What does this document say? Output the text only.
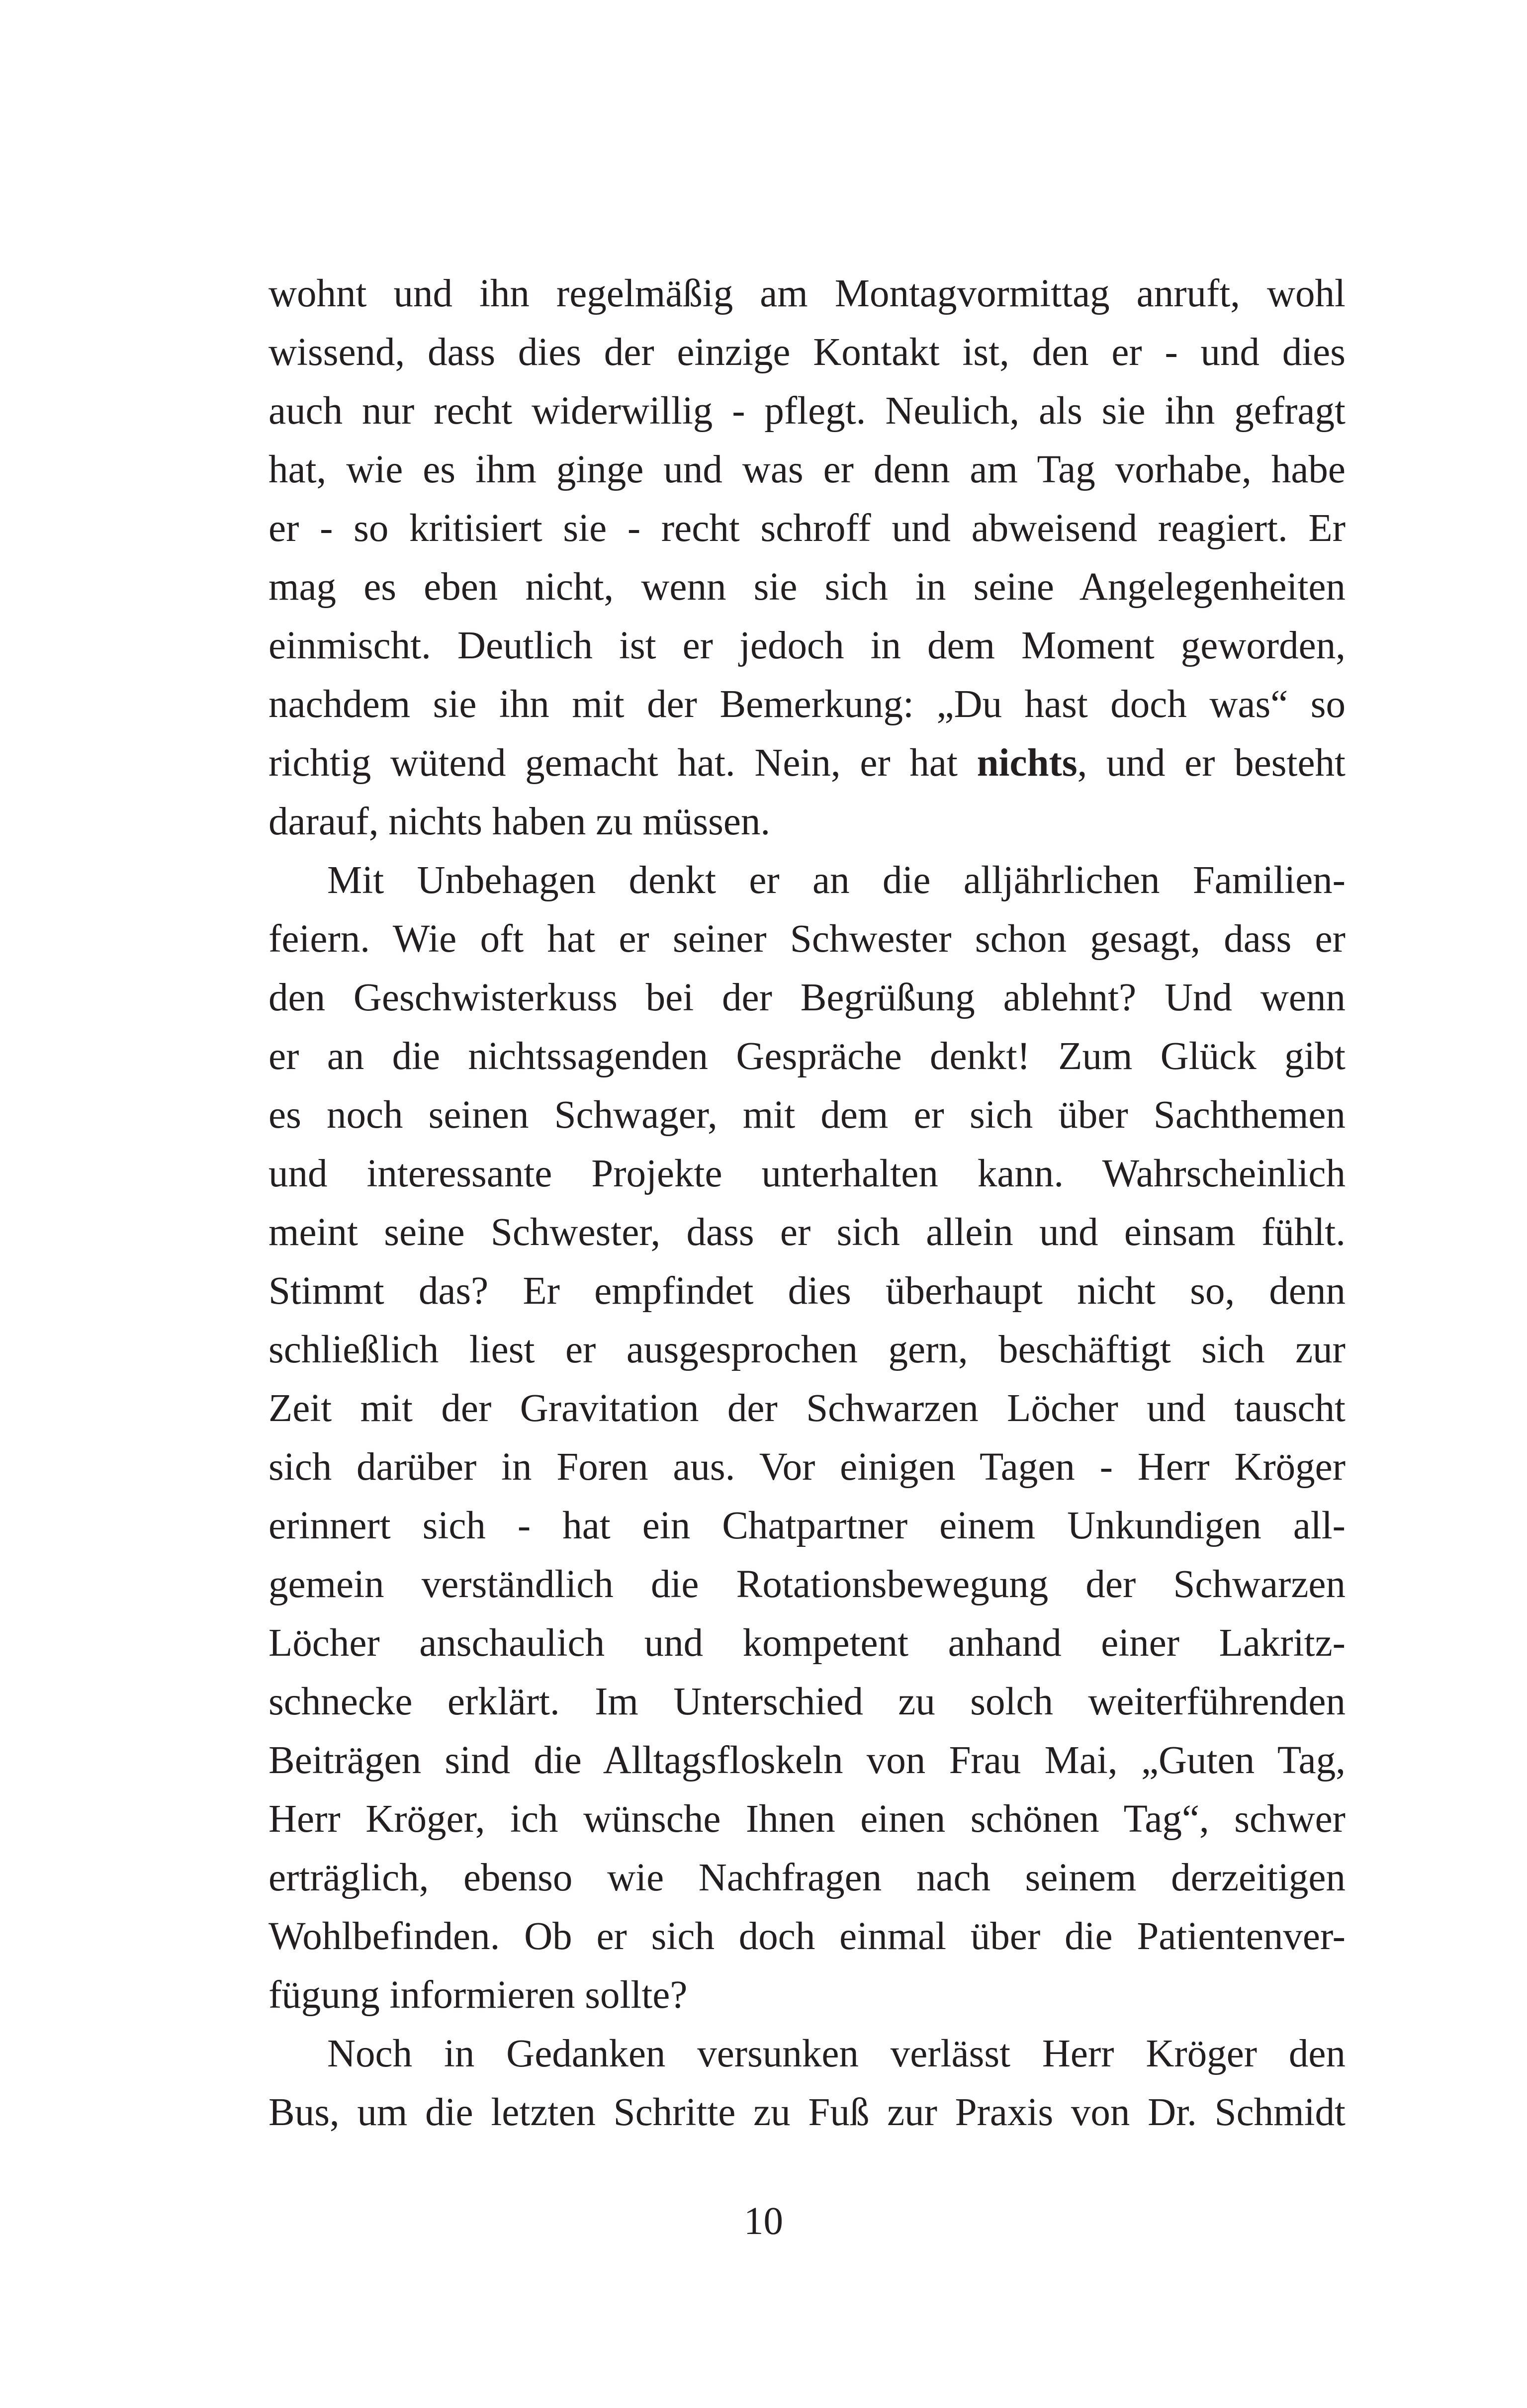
wohnt und ihn regelmäßig am Montagvormittag anruft, wohl
wissend, dass dies der einzige Kontakt ist, den er - und dies
auch nur recht widerwillig - pflegt. Neulich, als sie ihn gefragt
hat, wie es ihm ginge und was er denn am Tag vorhabe, habe
er - so kritisiert sie - recht schroff und abweisend reagiert. Er
mag es eben nicht, wenn sie sich in seine Angelegenheiten
einmischt. Deutlich ist er jedoch in dem Moment geworden,
nachdem sie ihn mit der Bemerkung: „Du hast doch was“ so
richtig wütend gemacht hat. Nein, er hat nichts, und er besteht
darauf, nichts haben zu müssen.
Mit Unbehagen denkt er an die alljährlichen Familien-
feiern. Wie oft hat er seiner Schwester schon gesagt, dass er
den Geschwisterkuss bei der Begrüßung ablehnt? Und wenn
er an die nichtssagenden Gespräche denkt! Zum Glück gibt
es noch seinen Schwager, mit dem er sich über Sachthemen
und interessante Projekte unterhalten kann. Wahrscheinlich
meint seine Schwester, dass er sich allein und einsam fühlt.
Stimmt das? Er empfindet dies überhaupt nicht so, denn
schließlich liest er ausgesprochen gern, beschäftigt sich zur
Zeit mit der Gravitation der Schwarzen Löcher und tauscht
sich darüber in Foren aus. Vor einigen Tagen - Herr Kröger
erinnert sich - hat ein Chatpartner einem Unkundigen all-
gemein verständlich die Rotationsbewegung der Schwarzen
Löcher anschaulich und kompetent anhand einer Lakritz-
schnecke erklärt. Im Unterschied zu solch weiterführenden
Beiträgen sind die Alltagsfloskeln von Frau Mai, „Guten Tag,
Herr Kröger, ich wünsche Ihnen einen schönen Tag“, schwer
erträglich, ebenso wie Nachfragen nach seinem derzeitigen
Wohlbefinden. Ob er sich doch einmal über die Patientenver-
fügung informieren sollte?
Noch in Gedanken versunken verlässt Herr Kröger den
Bus, um die letzten Schritte zu Fuß zur Praxis von Dr. Schmidt
10
